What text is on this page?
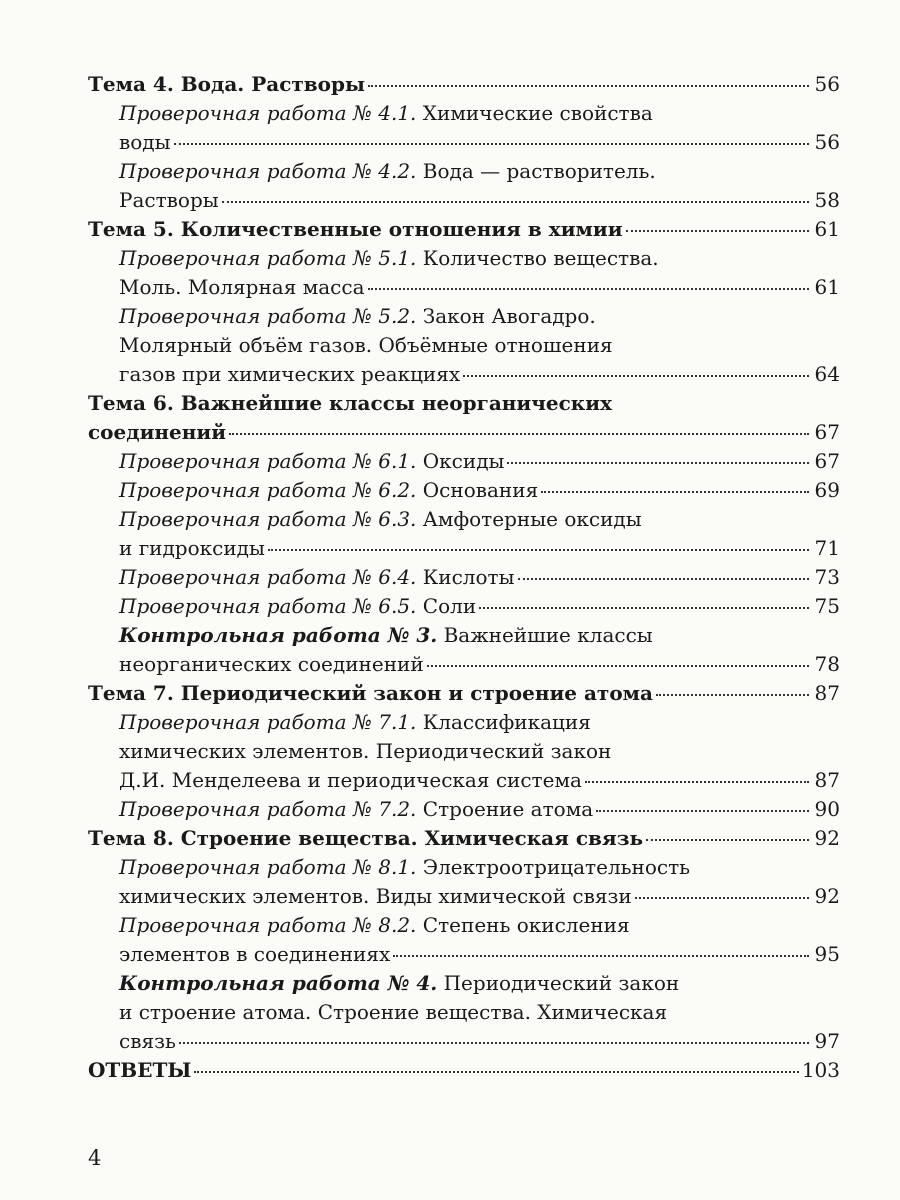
Тема 4. Вода. Растворы	56
Проверочная работа № 4.1. Химические свойства
воды	56
Проверочная работа № 4.2. Вода — растворитель.
Растворы	58
Тема 5. Количественные отношения в химии	61
Проверочная работа № 5.1. Количество вещества.
Моль. Молярная масса	61
Проверочная работа № 5.2. Закон Авогадро.
Молярный объём газов. Объёмные отношения
газов при химических реакциях	64
Тема 6. Важнейшие классы неорганических
соединений	67
Проверочная работа № 6.1. Оксиды	67
Проверочная работа № 6.2. Основания	69
Проверочная работа № 6.3. Амфотерные оксиды
и гидроксиды	71
Проверочная работа № 6.4. Кислоты	73
Проверочная работа № 6.5. Соли	75
Контрольная работа № 3. Важнейшие классы
неорганических соединений	78
Тема 7. Периодический закон и строение атома	87
Проверочная работа № 7.1. Классификация
химических элементов. Периодический закон
Д.И. Менделеева и периодическая система	87
Проверочная работа № 7.2. Строение атома	90
Тема 8. Строение вещества. Химическая связь	92
Проверочная работа № 8.1. Электроотрицательность
химических элементов. Виды химической связи	92
Проверочная работа № 8.2. Степень окисления
элементов в соединениях	95
Контрольная работа № 4. Периодический закон
и строение атома. Строение вещества. Химическая
связь	97
ОТВЕТЫ	103
4
